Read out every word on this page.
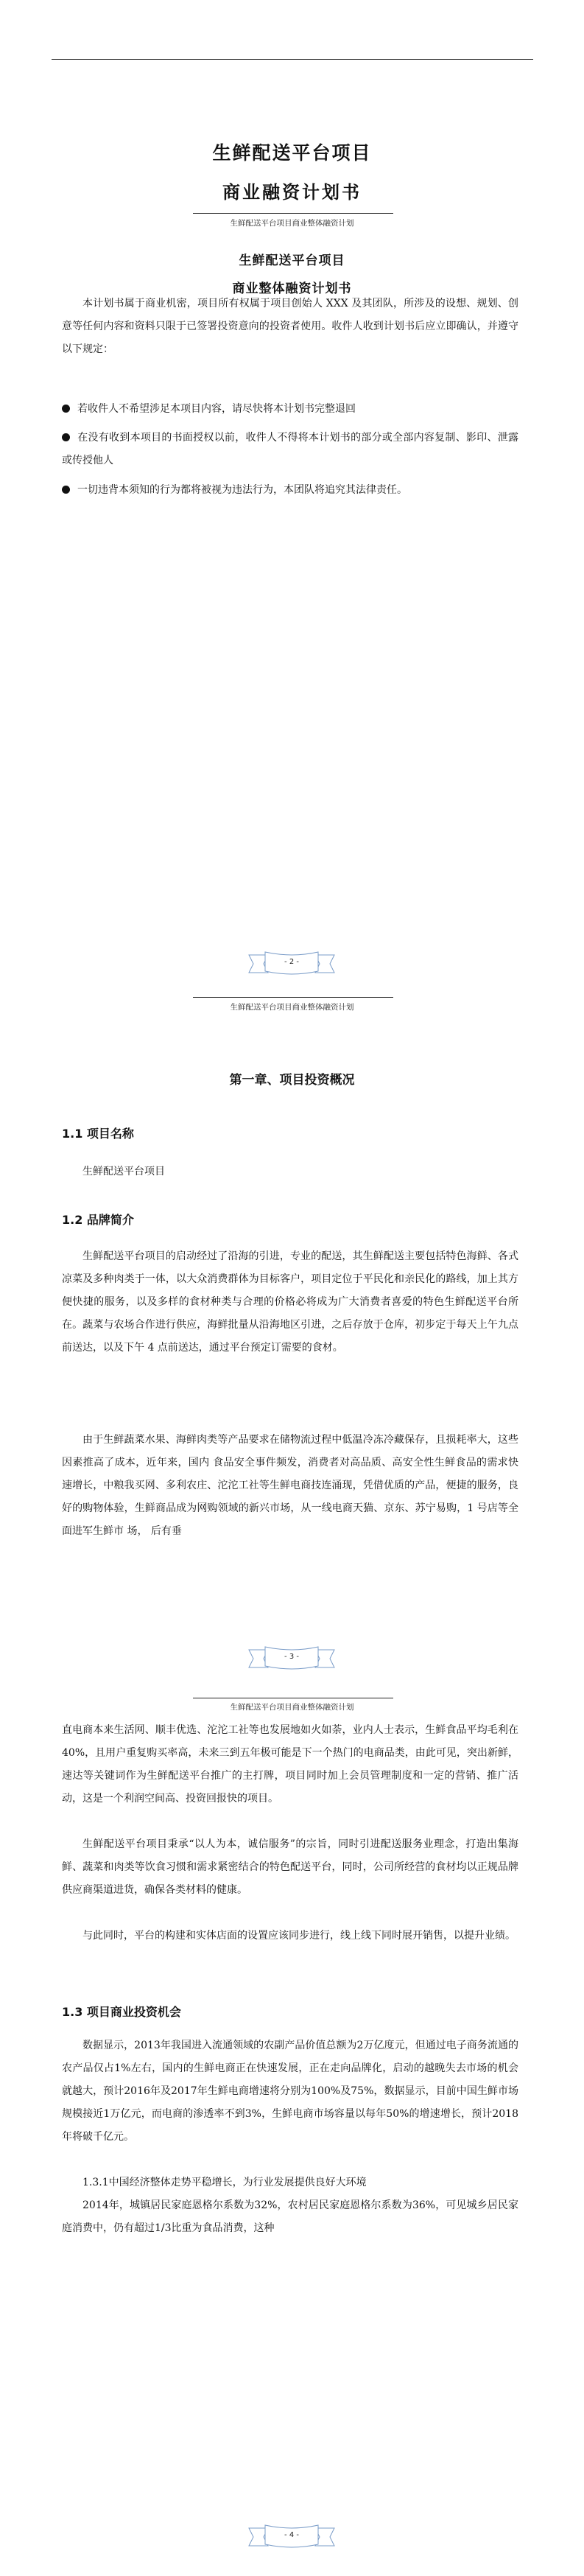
生鲜配送平台项目
商业融资计划书
生鲜配送平台项目商业整体融资计划
生鲜配送平台项目
商业整体融资计划书

本计划书属于商业机密，项目所有权属于项目创始人 XXX 及其团队，所涉及的设想、规划、创意等任何内容和资料只限于已签署投资意向的投资者使用。收件人收到计划书后应立即确认，并遵守以下规定：

若收件人不希望涉足本项目内容，请尽快将本计划书完整退回

在没有收到本项目的书面授权以前，收件人不得将本计划书的部分或全部内容复制、影印、泄露或传授他人

一切违背本须知的行为都将被视为违法行为，本团队将追究其法律责任。

- 2 -
生鲜配送平台项目商业整体融资计划
第一章、项目投资概况
1.1 项目名称

生鲜配送平台项目

1.2 品牌简介

生鲜配送平台项目的启动经过了沿海的引进，专业的配送，其生鲜配送主要包括特色海鲜、各式凉菜及多种肉类于一体，以大众消费群体为目标客户，项目定位于平民化和亲民化的路线，加上其方便快捷的服务，以及多样的食材种类与合理的价格必将成为广大消费者喜爱的特色生鲜配送平台所在。蔬菜与农场合作进行供应，海鲜批量从沿海地区引进，之后存放于仓库，初步定于每天上午九点前送达，以及下午 4 点前送达，通过平台预定订需要的食材。

由于生鲜蔬菜水果、海鲜肉类等产品要求在储物流过程中低温冷冻冷藏保存，且损耗率大，这些因素推高了成本，近年来，国内 食品安全事件频发，消费者对高品质、高安全性生鲜食品的需求快 速增长，中粮我买网、多利农庄、沱沱工社等生鲜电商技连涌现，凭借优质的产品，便捷的服务，良好的购物体验，生鲜商品成为网购领域的新兴市场，从一线电商天猫、京东、苏宁易购，1 号店等全面进军生鲜市 场， 后有垂

- 3 -
生鲜配送平台项目商业整体融资计划

直电商本来生活网、顺丰优选、沱沱工社等也发展地如火如荼，业内人士表示，生鲜食品平均毛利在 40%，且用户重复购买率高，未来三到五年极可能是下一个热门的电商品类，由此可见，突出新鲜，速达等关键词作为生鲜配送平台推广的主打牌，项目同时加上会员管理制度和一定的营销、推广活动，这是一个利润空间高、投资回报快的项目。

生鲜配送平台项目秉承“以人为本，诚信服务”的宗旨，同时引进配送服务业理念，打造出集海鲜、蔬菜和肉类等饮食习惯和需求紧密结合的特色配送平台，同时，公司所经营的食材均以正规品牌供应商渠道进货，确保各类材料的健康。

与此同时，平台的构建和实体店面的设置应该同步进行，线上线下同时展开销售，以提升业绩。

1.3 项目商业投资机会

数据显示，2013年我国进入流通领域的农副产品价值总额为2万亿度元，但通过电子商务流通的农产品仅占1%左右，国内的生鲜电商正在快速发展，正在走向品牌化，启动的越晚失去市场的机会就越大，预计2016年及2017年生鲜电商增速将分别为100%及75%，数据显示，目前中国生鲜市场规模接近1万亿元，而电商的渗透率不到3%，生鲜电商市场容量以每年50%的增速增长，预计2018年将破千亿元。

1.3.1中国经济整体走势平稳增长，为行业发展提供良好大环境

2014年，城镇居民家庭恩格尔系数为32%，农村居民家庭恩格尔系数为36%，可见城乡居民家庭消费中，仍有超过1/3比重为食品消费，这种

- 4 -
